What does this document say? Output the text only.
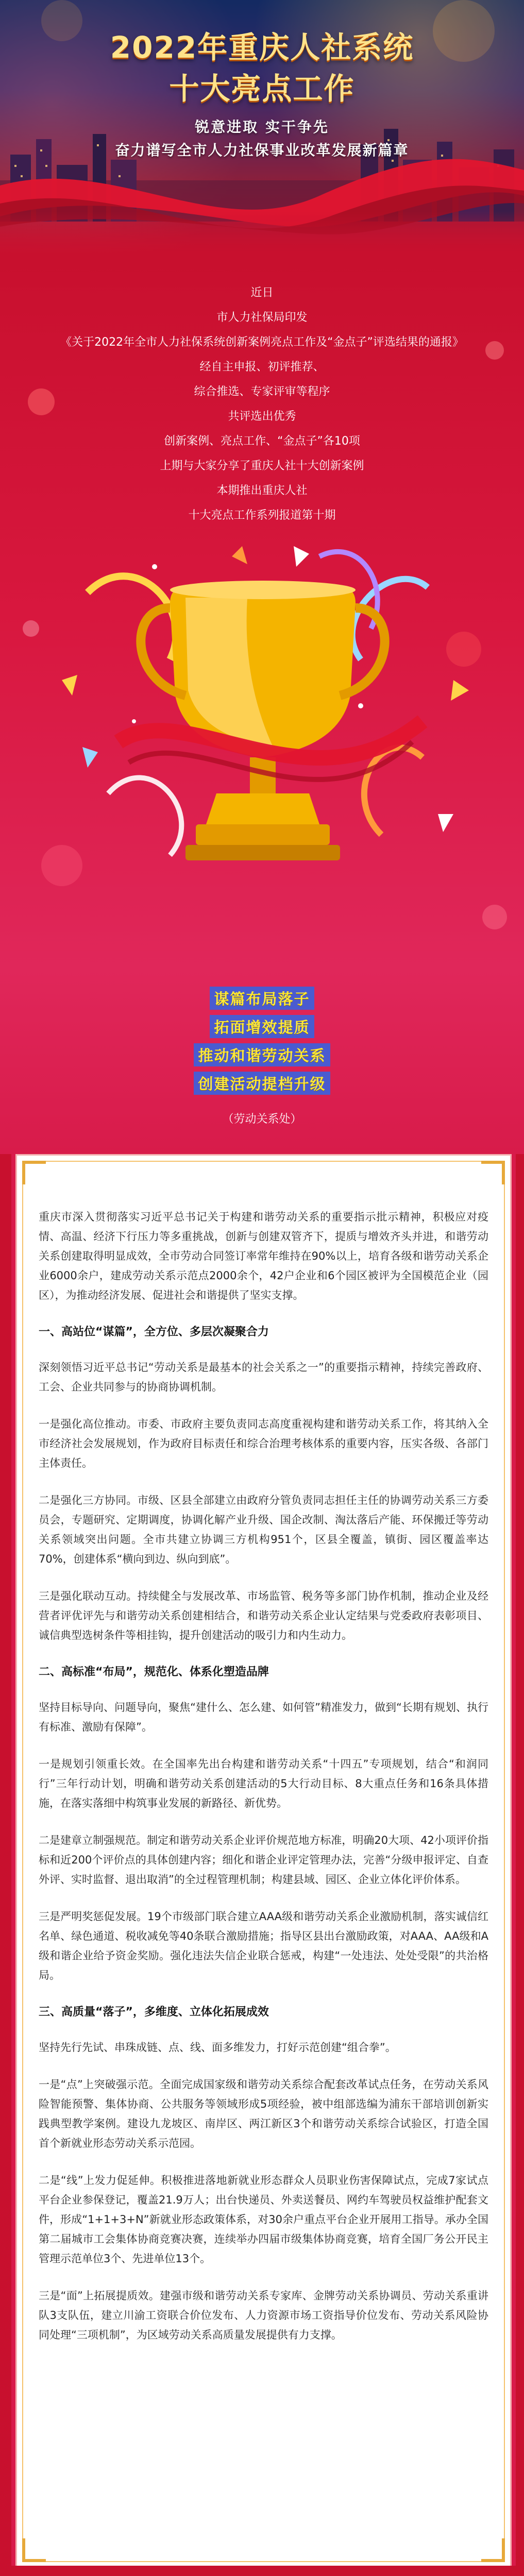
2022年重庆人社系统
十大亮点工作
锐意进取 实干争先
奋力谱写全市人力社保事业改革发展新篇章
近日
市人力社保局印发
《关于2022年全市人力社保系统创新案例亮点工作及“金点子”评选结果的通报》
经自主申报、初评推荐、
综合推选、专家评审等程序
共评选出优秀
创新案例、亮点工作、“金点子”各10项
上期与大家分享了重庆人社十大创新案例
本期推出重庆人社
十大亮点工作系列报道第十期
谋篇布局落子
拓面增效提质
推动和谐劳动关系
创建活动提档升级
（劳动关系处）

重庆市深入贯彻落实习近平总书记关于构建和谐劳动关系的重要指示批示精神，积极应对疫情、高温、经济下行压力等多重挑战，创新与创建双管齐下，提质与增效齐头并进，和谐劳动关系创建取得明显成效，全市劳动合同签订率常年维持在90%以上，培育各级和谐劳动关系企业6000余户，建成劳动关系示范点2000余个，42户企业和6个园区被评为全国模范企业（园区），为推动经济发展、促进社会和谐提供了坚实支撑。

一、高站位“谋篇”，全方位、多层次凝聚合力

深刻领悟习近平总书记“劳动关系是最基本的社会关系之一”的重要指示精神，持续完善政府、工会、企业共同参与的协商协调机制。

一是强化高位推动。市委、市政府主要负责同志高度重视构建和谐劳动关系工作，将其纳入全市经济社会发展规划，作为政府目标责任和综合治理考核体系的重要内容，压实各级、各部门主体责任。

二是强化三方协同。市级、区县全部建立由政府分管负责同志担任主任的协调劳动关系三方委员会，专题研究、定期调度，协调化解产业升级、国企改制、淘汰落后产能、环保搬迁等劳动关系领域突出问题。全市共建立协调三方机构951个，区县全覆盖，镇街、园区覆盖率达70%，创建体系“横向到边、纵向到底”。

三是强化联动互动。持续健全与发展改革、市场监管、税务等多部门协作机制，推动企业及经营者评优评先与和谐劳动关系创建相结合，和谐劳动关系企业认定结果与党委政府表彰项目、诚信典型选树条件等相挂钩，提升创建活动的吸引力和内生动力。

二、高标准“布局”，规范化、体系化塑造品牌

坚持目标导向、问题导向，聚焦“建什么、怎么建、如何管”精准发力，做到“长期有规划、执行有标准、激励有保障”。

一是规划引领重长效。在全国率先出台构建和谐劳动关系“十四五”专项规划，结合“和润同行”三年行动计划，明确和谐劳动关系创建活动的5大行动目标、8大重点任务和16条具体措施，在落实落细中构筑事业发展的新路径、新优势。

二是建章立制强规范。制定和谐劳动关系企业评价规范地方标准，明确20大项、42小项评价指标和近200个评价点的具体创建内容；细化和谐企业评定管理办法，完善“分级申报评定、自查外评、实时监督、退出取消”的全过程管理机制；构建县域、园区、企业立体化评价体系。

三是严明奖惩促发展。19个市级部门联合建立AAA级和谐劳动关系企业激励机制，落实诚信红名单、绿色通道、税收减免等40条联合激励措施；指导区县出台激励政策，对AAA、AA级和A级和谐企业给予资金奖励。强化违法失信企业联合惩戒，构建“一处违法、处处受限”的共治格局。

三、高质量“落子”，多维度、立体化拓展成效

坚持先行先试、串珠成链、点、线、面多维发力，打好示范创建“组合拳”。

一是“点”上突破强示范。全面完成国家级和谐劳动关系综合配套改革试点任务，在劳动关系风险智能预警、集体协商、公共服务等领域形成5项经验，被中组部选编为浦东干部培训创新实践典型教学案例。建设九龙坡区、南岸区、两江新区3个和谐劳动关系综合试验区，打造全国首个新就业形态劳动关系示范园。

二是“线”上发力促延伸。积极推进落地新就业形态群众人员职业伤害保障试点，完成7家试点平台企业参保登记，覆盖21.9万人；出台快递员、外卖送餐员、网约车驾驶员权益维护配套文件，形成“1+1+3+N”新就业形态政策体系，对30余户重点平台企业开展用工指导。承办全国第二届城市工会集体协商竞赛决赛，连续举办四届市级集体协商竞赛，培育全国厂务公开民主管理示范单位3个、先进单位13个。

三是“面”上拓展提质效。建强市级和谐劳动关系专家库、金牌劳动关系协调员、劳动关系重讲队3支队伍，建立川渝工资联合价位发布、人力资源市场工资指导价位发布、劳动关系风险协同处理“三项机制”，为区域劳动关系高质量发展提供有力支撑。
